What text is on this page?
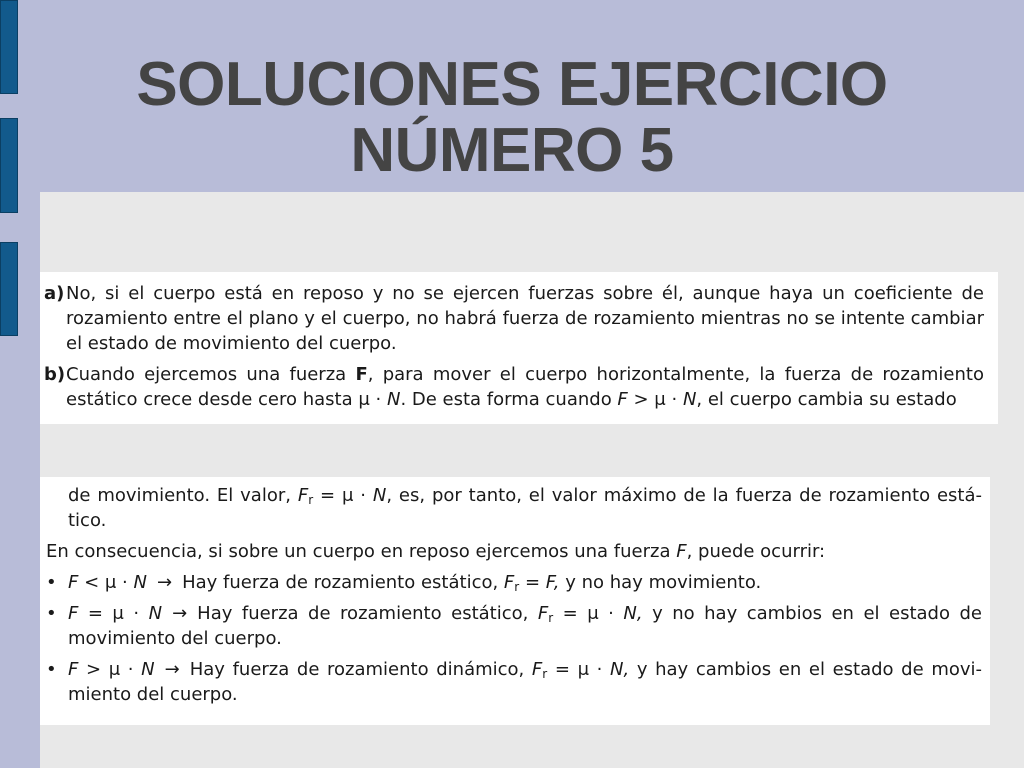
SOLUCIONES EJERCICIO
NÚMERO 5
a) No, si el cuerpo está en reposo y no se ejercen fuerzas sobre él, aunque haya un coeficiente de rozamiento entre el plano y el cuerpo, no habrá fuerza de rozamiento mientras no se intente cambiar el estado de movimiento del cuerpo.
b) Cuando ejercemos una fuerza F, para mover el cuerpo horizontalmente, la fuerza de rozamiento estático crece desde cero hasta μ · N. De esta forma cuando F > μ · N, el cuerpo cambia su estado
de movimiento. El valor, $F_r = \mu \cdot N$, es, por tanto, el valor máximo de la fuerza de rozamiento estático.
En consecuencia, si sobre un cuerpo en reposo ejercemos una fuerza F, puede ocurrir:
• F < μ · N → Hay fuerza de rozamiento estático, $F_r = F$, y no hay movimiento.
• F = μ · N → Hay fuerza de rozamiento estático, $F_r = \mu \cdot N$, y no hay cambios en el estado de movimiento del cuerpo.
• F > μ · N → Hay fuerza de rozamiento dinámico, $F_r = \mu \cdot N$, y hay cambios en el estado de movimiento del cuerpo.
